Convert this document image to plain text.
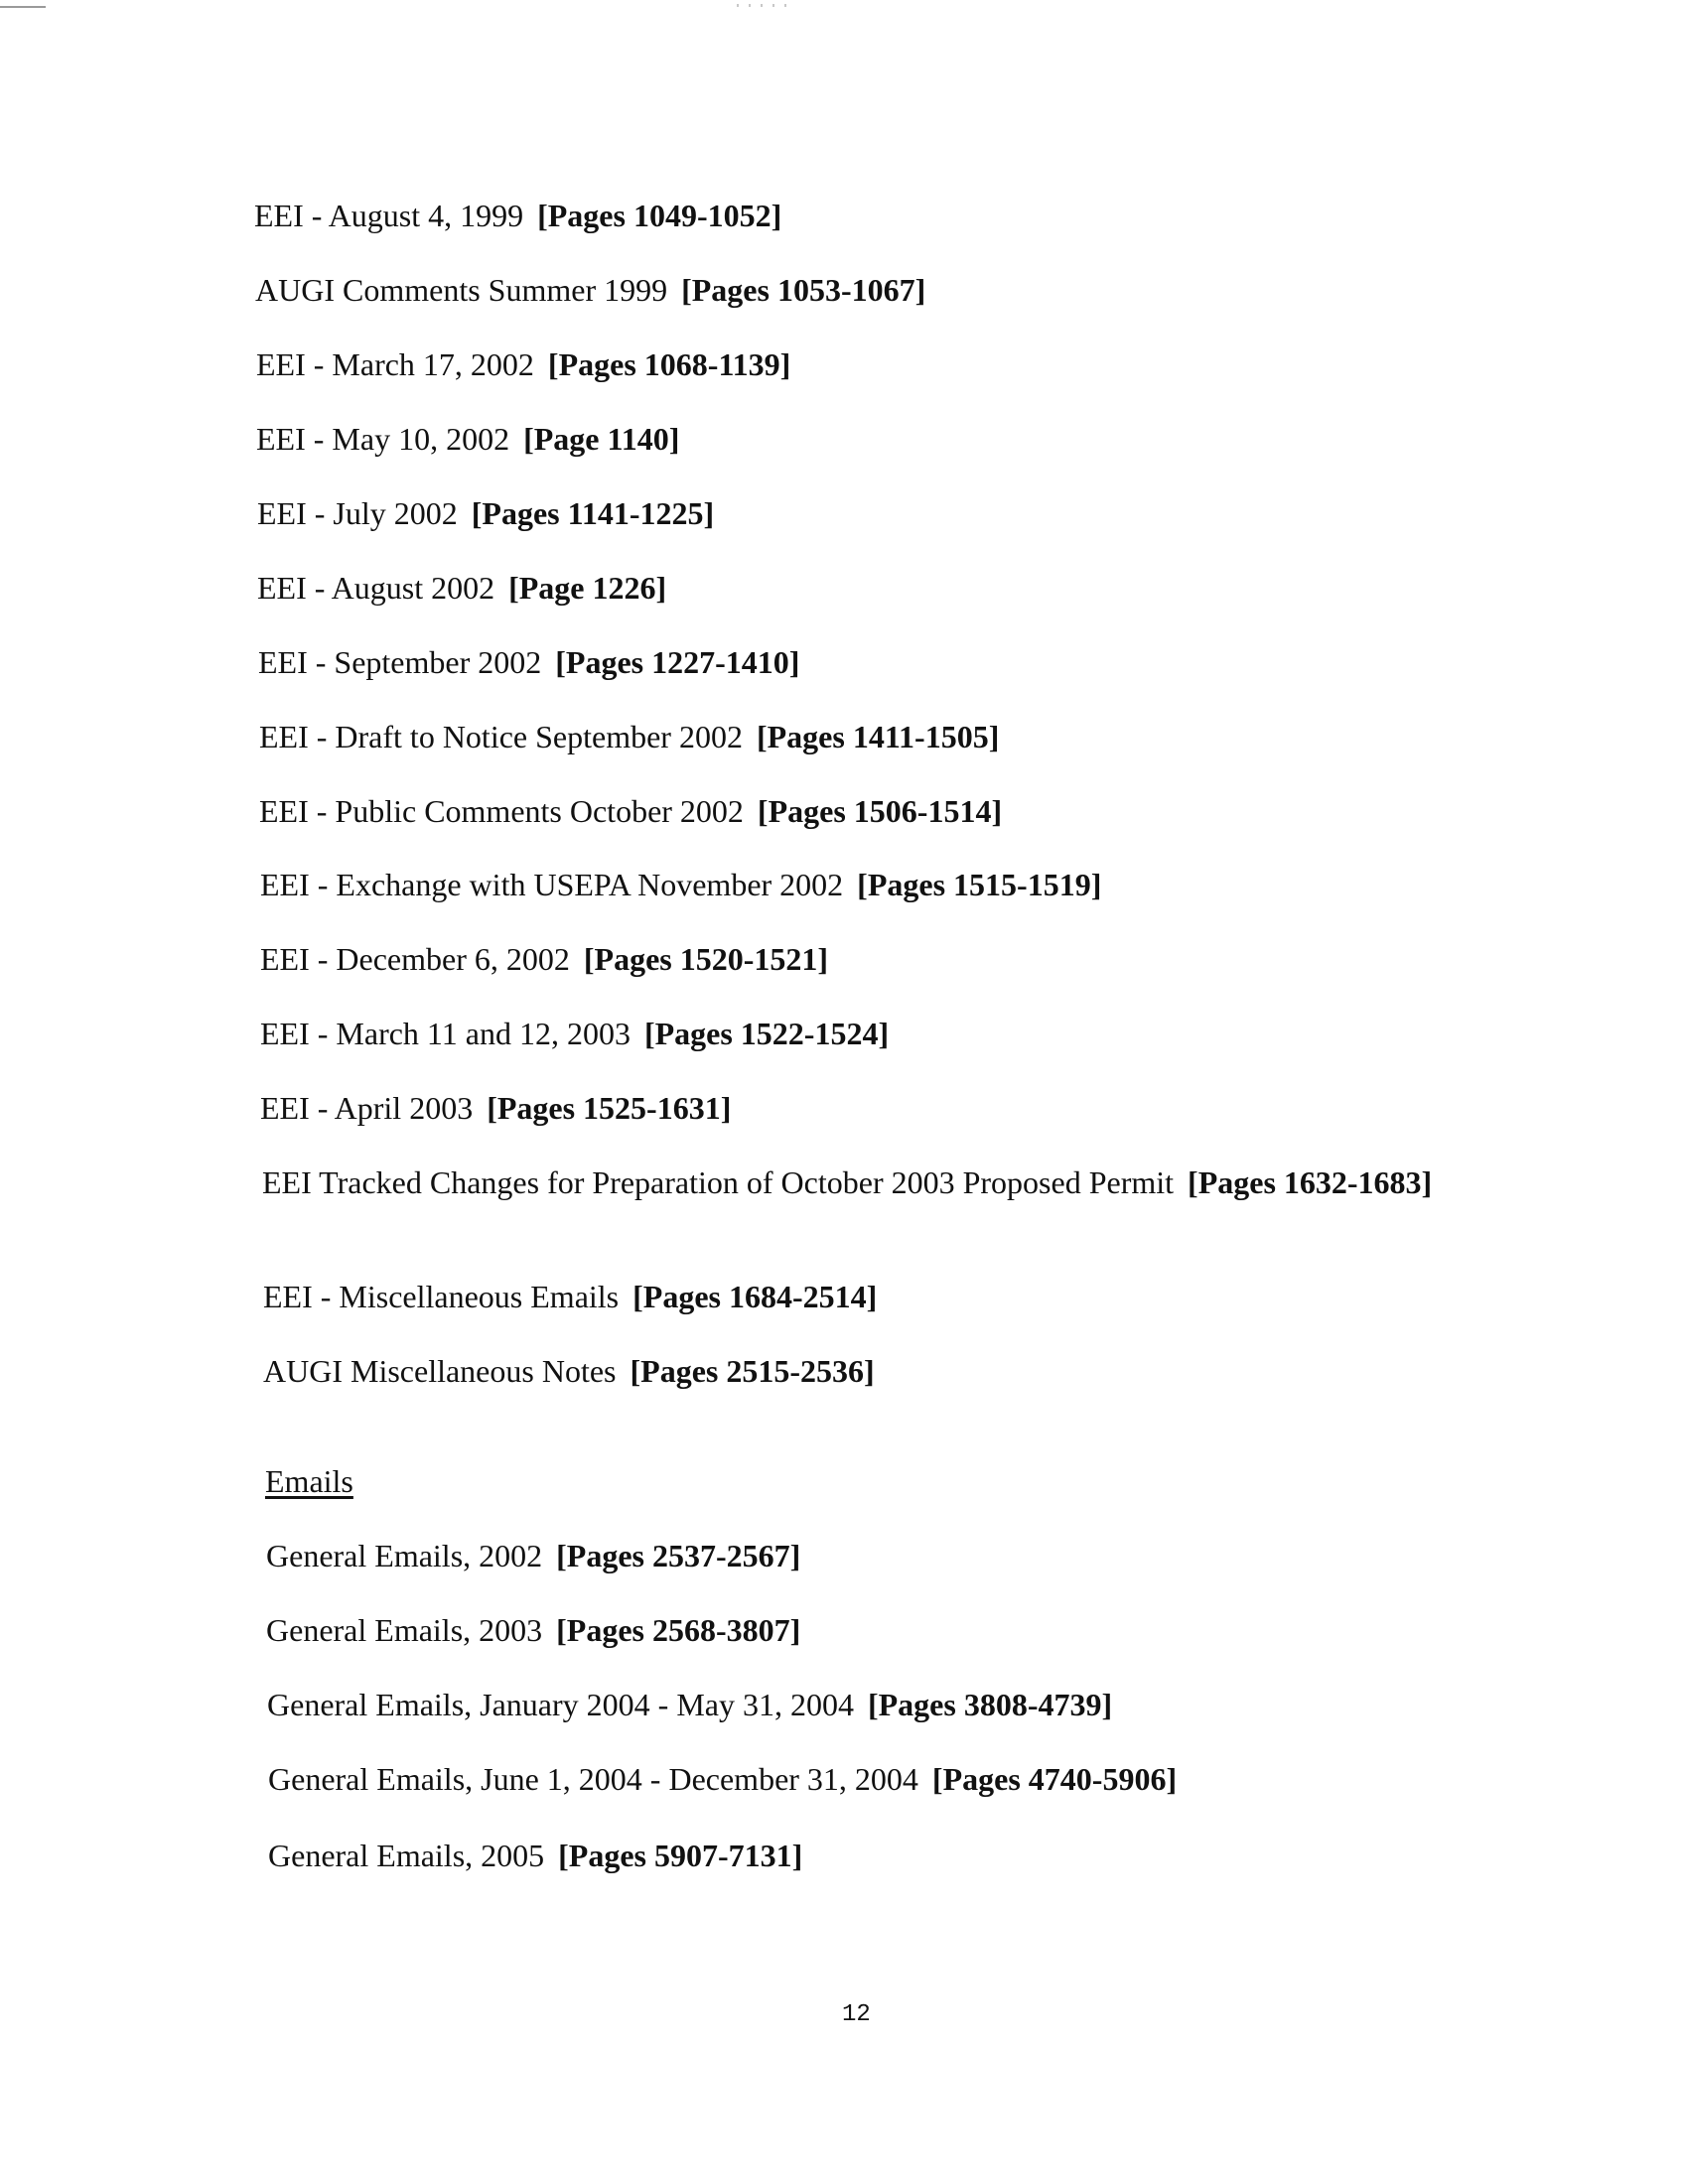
EEI - August 4, 1999 [Pages 1049-1052]
AUGI Comments Summer 1999 [Pages 1053-1067]
EEI - March 17, 2002 [Pages 1068-1139]
EEI - May 10, 2002 [Page 1140]
EEI - July 2002 [Pages 1141-1225]
EEI - August 2002 [Page 1226]
EEI - September 2002 [Pages 1227-1410]
EEI - Draft to Notice September 2002 [Pages 1411-1505]
EEI - Public Comments October 2002 [Pages 1506-1514]
EEI - Exchange with USEPA November 2002 [Pages 1515-1519]
EEI - December 6, 2002 [Pages 1520-1521]
EEI - March 11 and 12, 2003 [Pages 1522-1524]
EEI - April 2003 [Pages 1525-1631]
EEI Tracked Changes for Preparation of October 2003 Proposed Permit [Pages 1632-1683]
EEI - Miscellaneous Emails [Pages 1684-2514]
AUGI Miscellaneous Notes [Pages 2515-2536]
Emails
General Emails, 2002 [Pages 2537-2567]
General Emails, 2003 [Pages 2568-3807]
General Emails, January 2004 - May 31, 2004 [Pages 3808-4739]
General Emails, June 1, 2004 - December 31, 2004 [Pages 4740-5906]
General Emails, 2005 [Pages 5907-7131]
12
